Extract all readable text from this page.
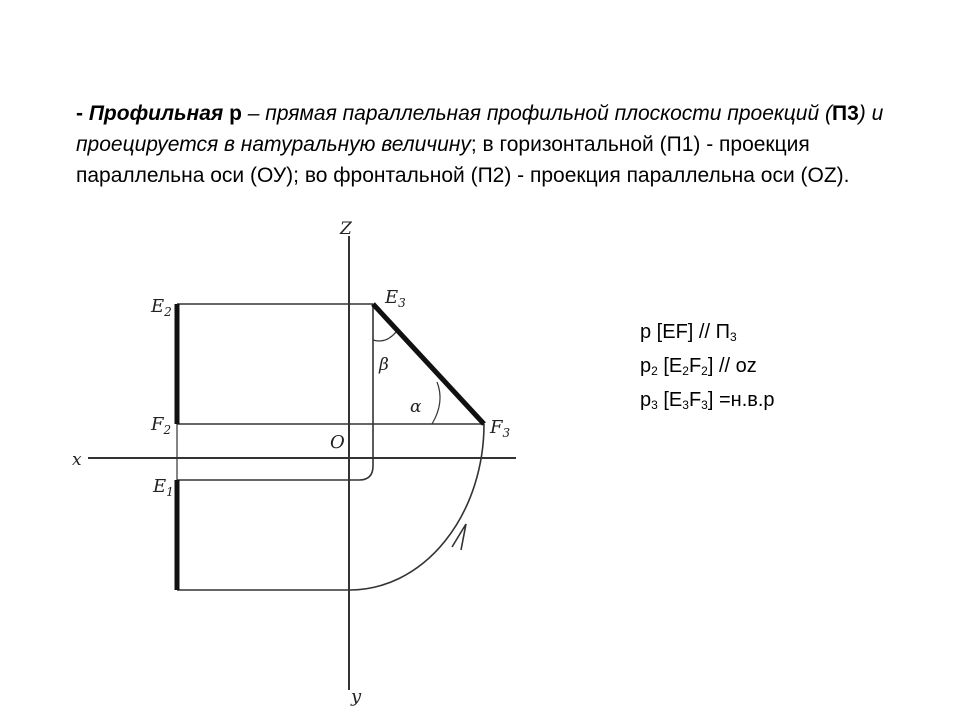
- Профильная р – прямая параллельная профильной плоскости проекций (П3) и проецируется в натуральную величину; в горизонтальной (П1) - проекция параллельна оси (ОУ); во фронтальной (П2) - проекция параллельна оси (OZ).

Z
y
x
O
$E_2$
$F_2$
$E_1$
$E_3$
$F_3$
β
α
р $[EF] // П_3$
$р_2$ $[E_2F_2]$ // oz
$р_3$ $[E_3F_3] =н.в.р$
